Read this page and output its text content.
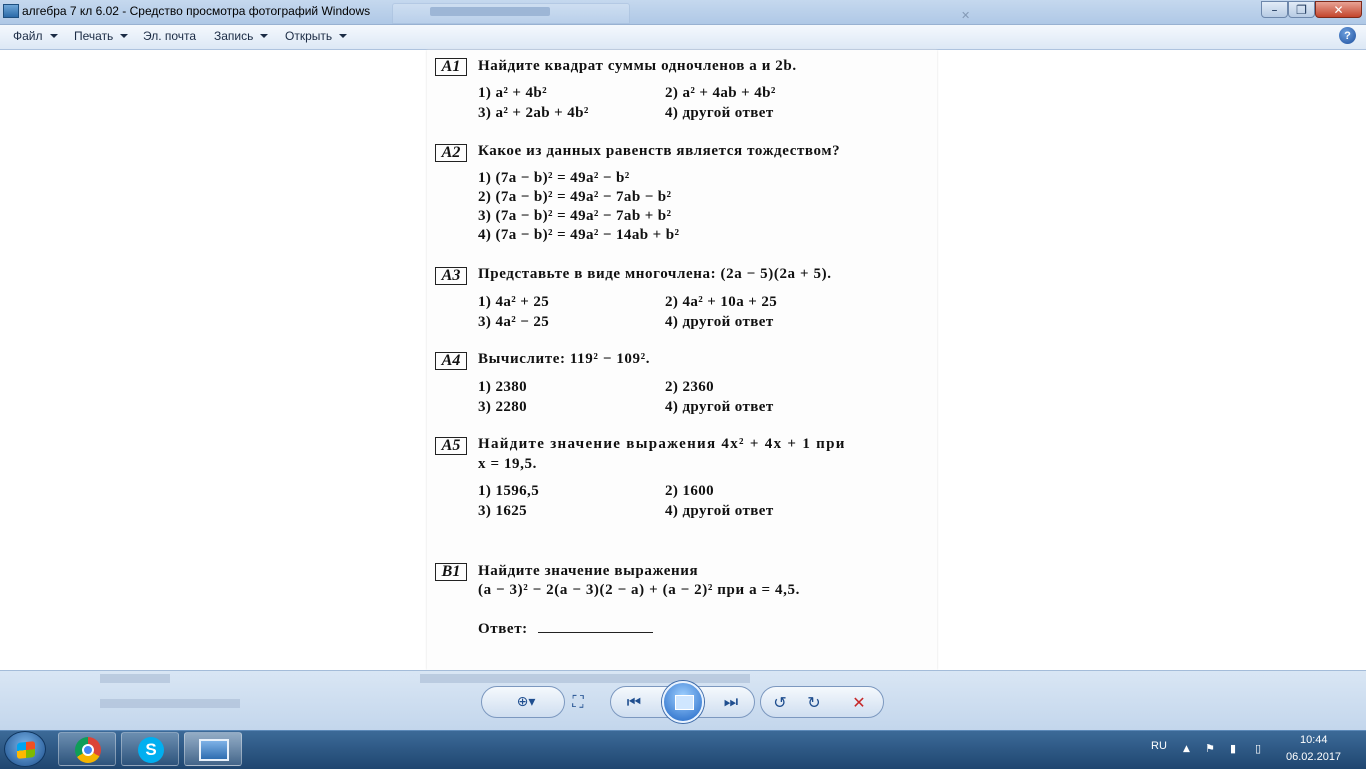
алгебра 7 кл 6.02 - Средство просмотра фотографий Windows	✕	–	❐	✕
Файл	Печать	Эл. почта Запись	Открыть	?
A1	Найдите квадрат суммы одночленов a и 2b.
1) a² + 4b²	2) a² + 4ab + 4b²
3) a² + 2ab + 4b²	4) другой ответ
A2	Какое из данных равенств является тождеством?
1) (7a − b)² = 49a² − b²
2) (7a − b)² = 49a² − 7ab − b²
3) (7a − b)² = 49a² − 7ab + b²
4) (7a − b)² = 49a² − 14ab + b²
A3	Представьте в виде многочлена: (2a − 5)(2a + 5).
1) 4a² + 25	2) 4a² + 10a + 25
3) 4a² − 25	4) другой ответ
A4	Вычислите: 119² − 109².
1) 2380	2) 2360
3) 2280	4) другой ответ
A5	Найдите значение выражения 4x² + 4x + 1 при
x = 19,5.
1) 1596,5	2) 1600
3) 1625	4) другой ответ
B1	Найдите значение выражения
(a − 3)² − 2(a − 3)(2 − a) + (a − 2)² при a = 4,5.
Ответ:
⊕▾	⛶	⏮	⏭	↺	↻	✕
S	RU ▲ ⚑ ▮ ▯
10:44
06.02.2017
